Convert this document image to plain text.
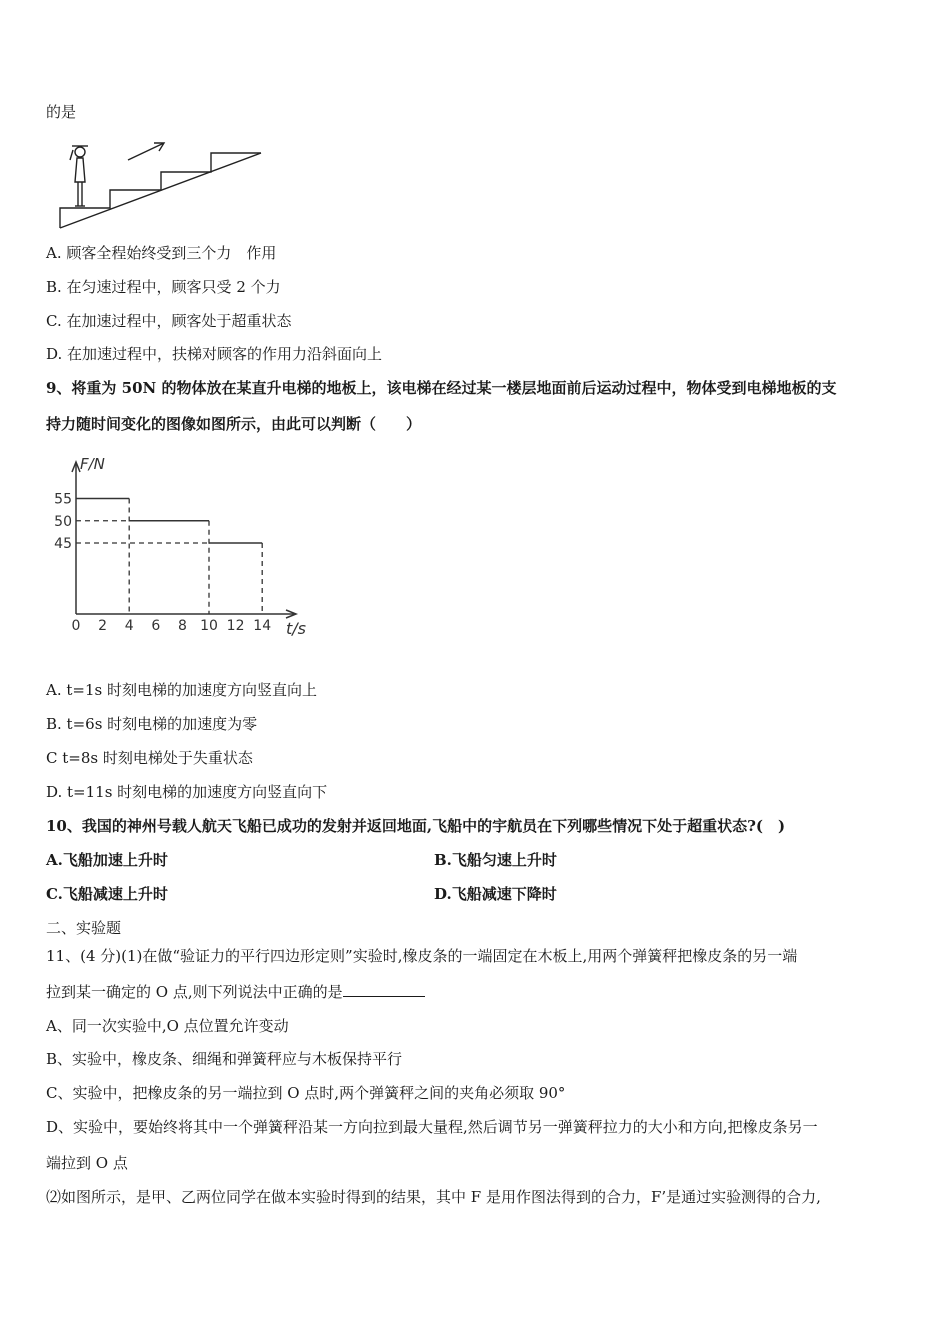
的是
A. 顾客全程始终受到三个力　作用
B. 在匀速过程中，顾客只受 2 个力
C. 在加速过程中，顾客处于超重状态
D. 在加速过程中，扶梯对顾客的作用力沿斜面向上
9、将重为 50N 的物体放在某直升电梯的地板上，该电梯在经过某一楼层地面前后运动过程中，物体受到电梯地板的支
持力随时间变化的图像如图所示，由此可以判断（　　）
F/N
t/s
55
50
45
0 2 4 6 8 10 12 14
A. t=1s 时刻电梯的加速度方向竖直向上
B. t=6s 时刻电梯的加速度为零
C t=8s 时刻电梯处于失重状态
D. t=11s 时刻电梯的加速度方向竖直向下
10、我国的神州号载人航天飞船已成功的发射并返回地面,飞船中的宇航员在下列哪些情况下处于超重状态?(　)
A.飞船加速上升时	B.飞船匀速上升时
C.飞船减速上升时	D.飞船减速下降时
二、实验题
11、(4 分)(1)在做“验证力的平行四边形定则”实验时,橡皮条的一端固定在木板上,用两个弹簧秤把橡皮条的另一端
拉到某一确定的 O 点,则下列说法中正确的是
A、同一次实验中,O 点位置允许变动
B、实验中，橡皮条、细绳和弹簧秤应与木板保持平行
C、实验中，把橡皮条的另一端拉到 O 点时,两个弹簧秤之间的夹角必须取 90°
D、实验中，要始终将其中一个弹簧秤沿某一方向拉到最大量程,然后调节另一弹簧秤拉力的大小和方向,把橡皮条另一
端拉到 O 点
⑵如图所示，是甲、乙两位同学在做本实验时得到的结果，其中 F 是用作图法得到的合力，F’是通过实验测得的合力,
